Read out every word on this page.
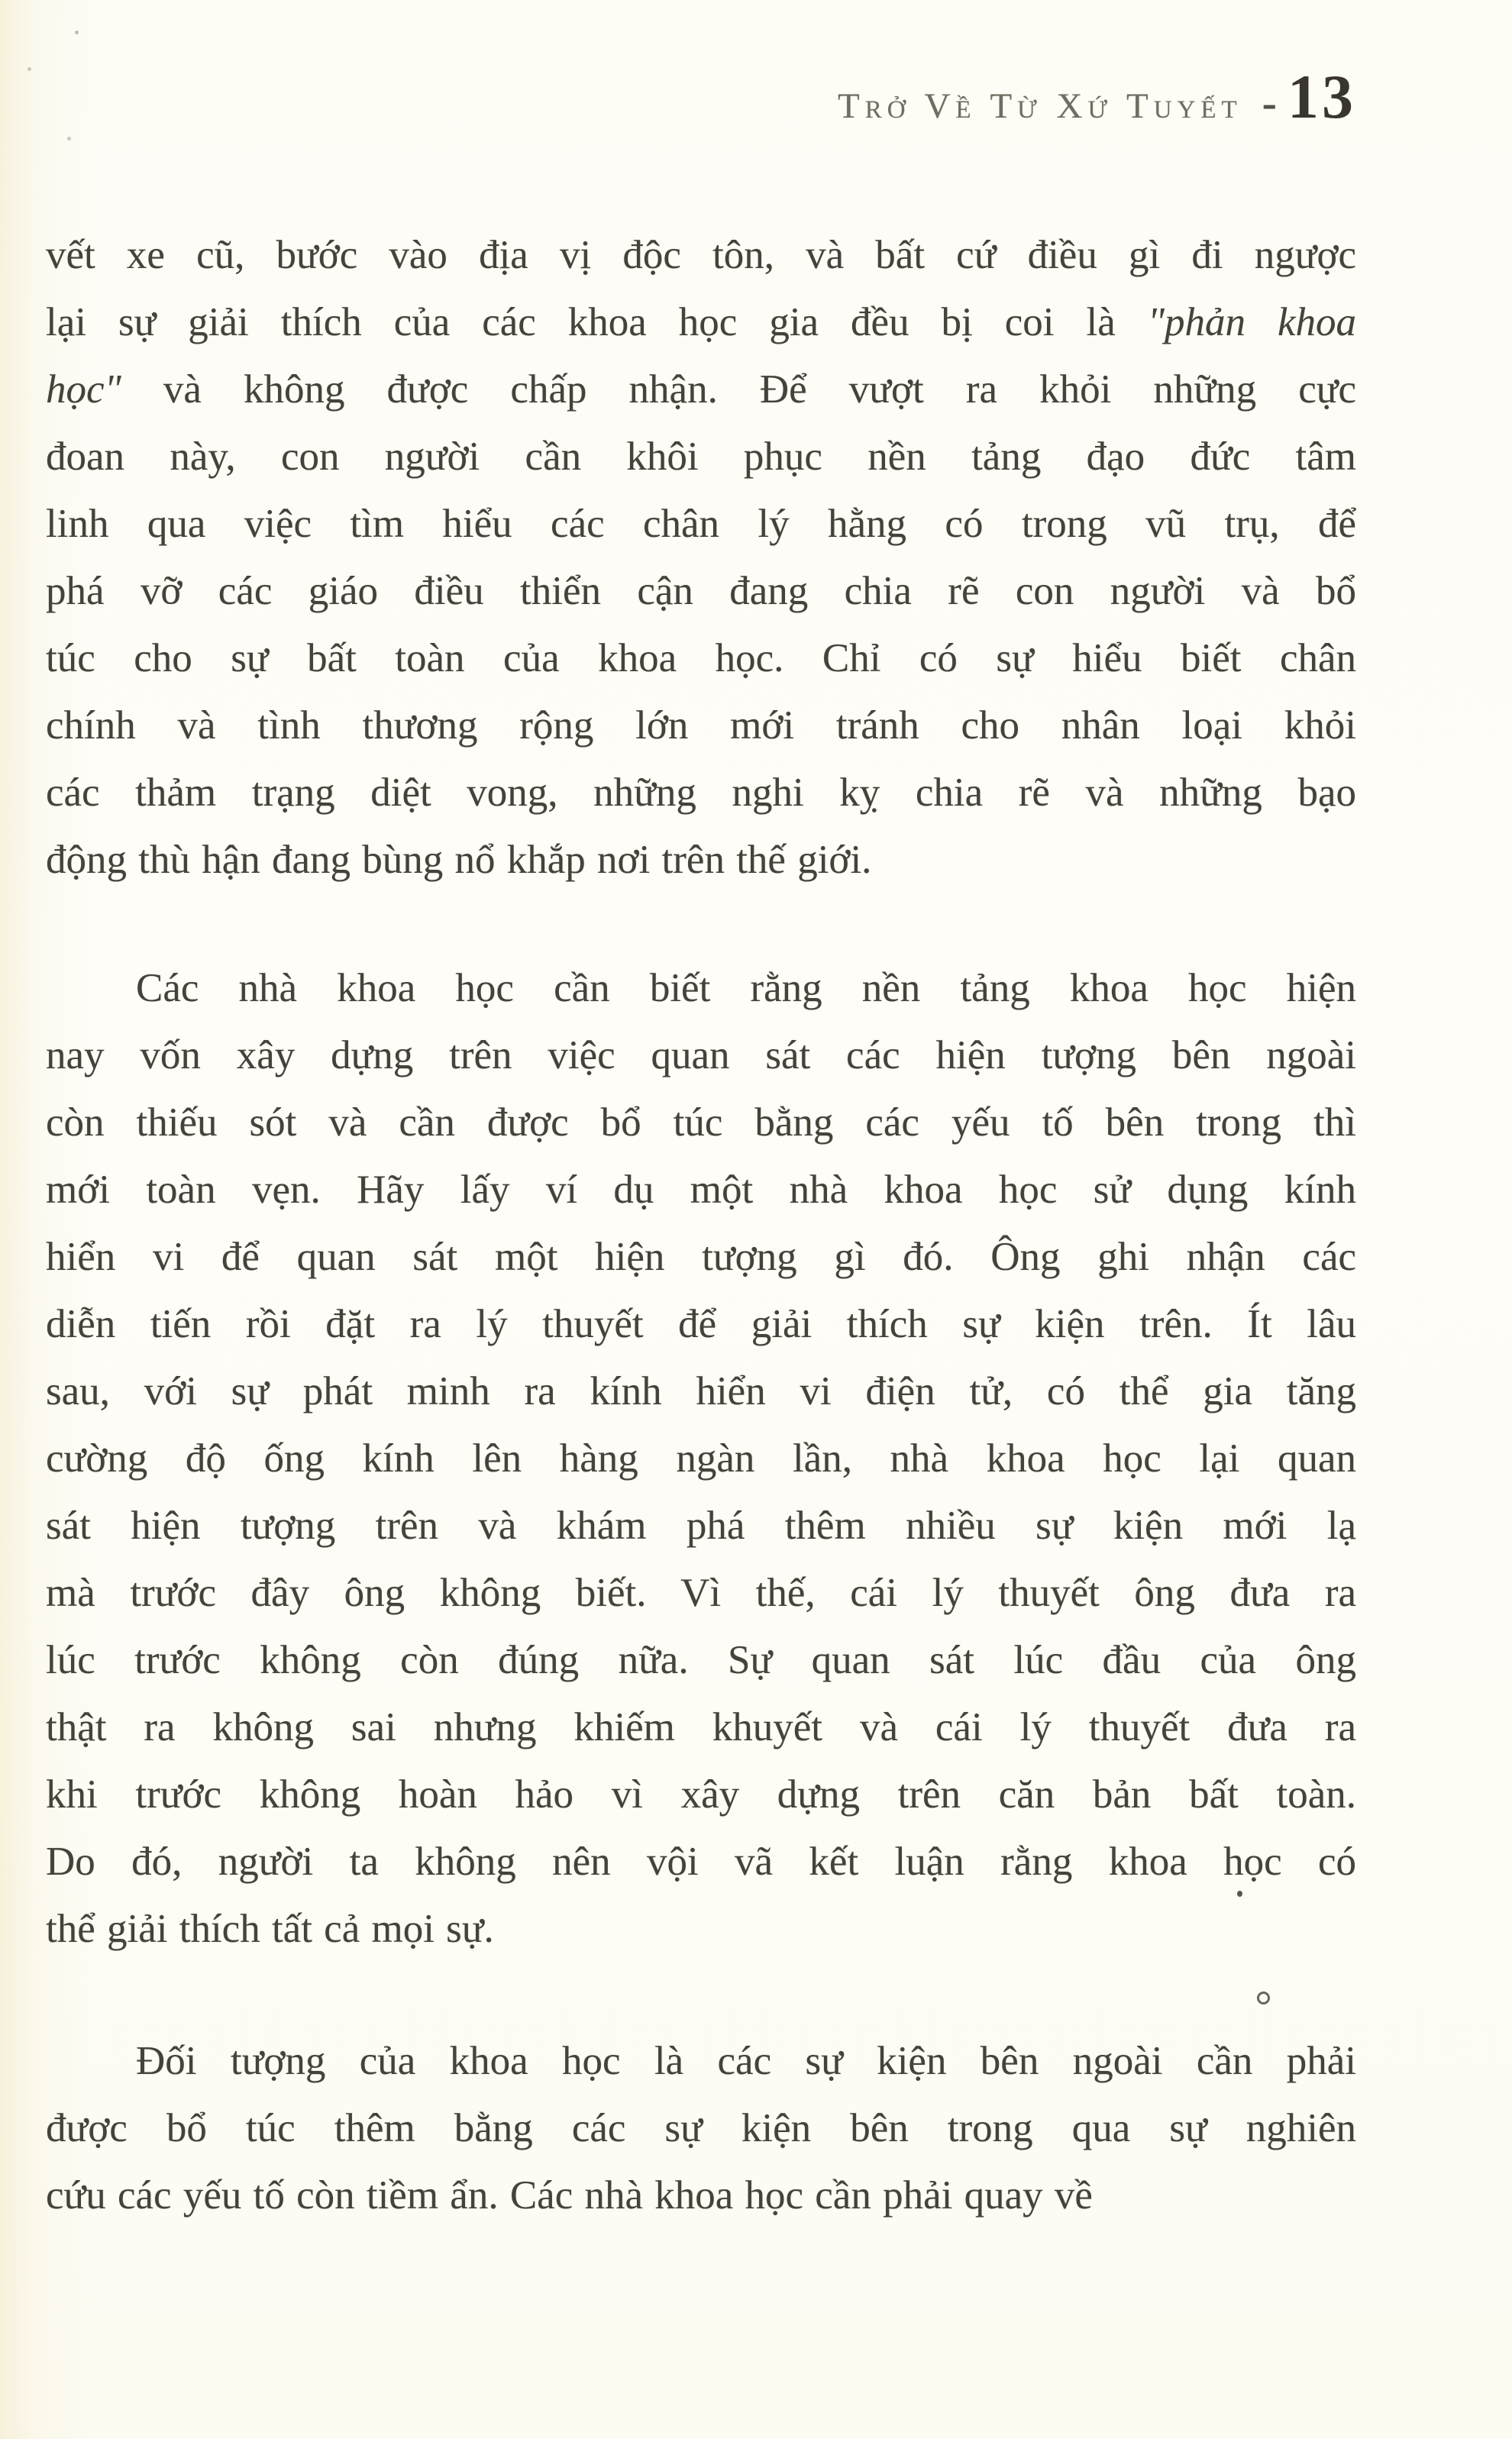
Trở Về Từ Xứ Tuyết - 13
vết xe cũ, bước vào địa vị độc tôn, và bất cứ điều gì đi ngược
lại sự giải thích của các khoa học gia đều bị coi là "phản khoa
học" và không được chấp nhận. Để vượt ra khỏi những cực
đoan này, con người cần khôi phục nền tảng đạo đức tâm
linh qua việc tìm hiểu các chân lý hằng có trong vũ trụ, để
phá vỡ các giáo điều thiển cận đang chia rẽ con người và bổ
túc cho sự bất toàn của khoa học. Chỉ có sự hiểu biết chân
chính và tình thương rộng lớn mới tránh cho nhân loại khỏi
các thảm trạng diệt vong, những nghi kỵ chia rẽ và những bạo
động thù hận đang bùng nổ khắp nơi trên thế giới.
Các nhà khoa học cần biết rằng nền tảng khoa học hiện
nay vốn xây dựng trên việc quan sát các hiện tượng bên ngoài
còn thiếu sót và cần được bổ túc bằng các yếu tố bên trong thì
mới toàn vẹn. Hãy lấy ví dụ một nhà khoa học sử dụng kính
hiển vi để quan sát một hiện tượng gì đó. Ông ghi nhận các
diễn tiến rồi đặt ra lý thuyết để giải thích sự kiện trên. Ít lâu
sau, với sự phát minh ra kính hiển vi điện tử, có thể gia tăng
cường độ ống kính lên hàng ngàn lần, nhà khoa học lại quan
sát hiện tượng trên và khám phá thêm nhiều sự kiện mới lạ
mà trước đây ông không biết. Vì thế, cái lý thuyết ông đưa ra
lúc trước không còn đúng nữa. Sự quan sát lúc đầu của ông
thật ra không sai nhưng khiếm khuyết và cái lý thuyết đưa ra
khi trước không hoàn hảo vì xây dựng trên căn bản bất toàn.
Do đó, người ta không nên vội vã kết luận rằng khoa học có
thể giải thích tất cả mọi sự.
Đối tượng của khoa học là các sự kiện bên ngoài cần phải
được bổ túc thêm bằng các sự kiện bên trong qua sự nghiên
cứu các yếu tố còn tiềm ẩn. Các nhà khoa học cần phải quay về
